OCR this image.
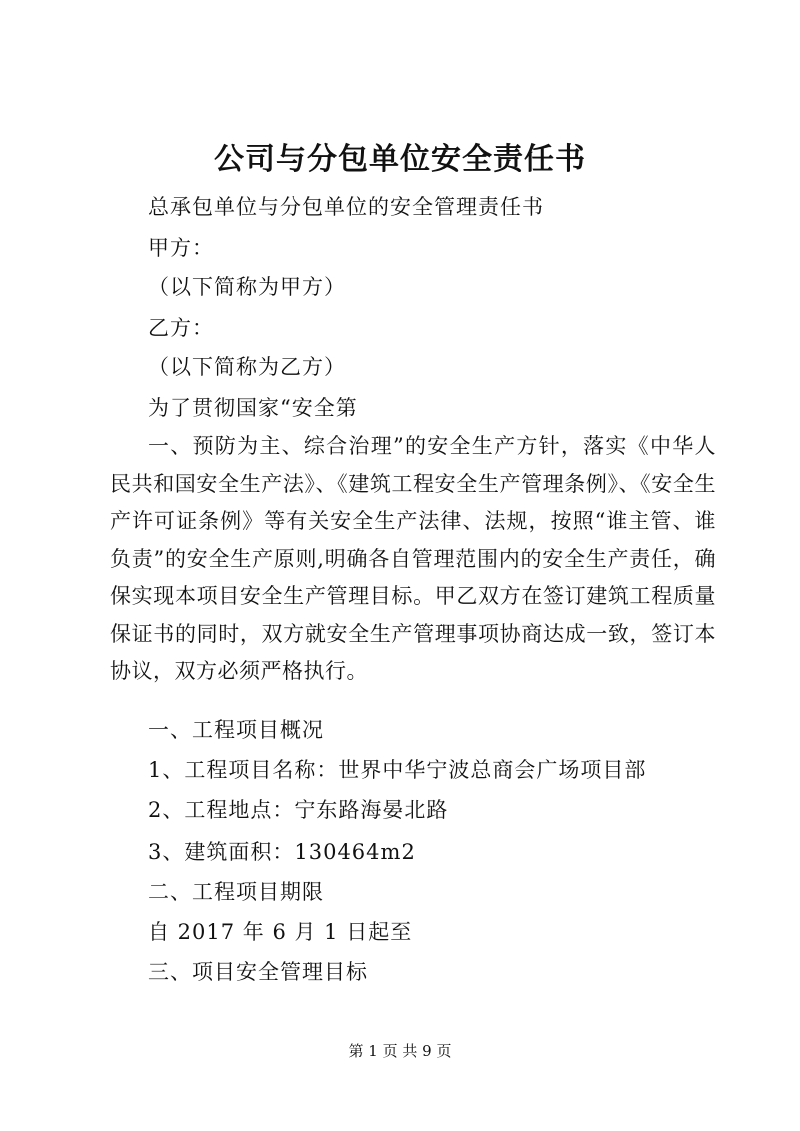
公司与分包单位安全责任书
总承包单位与分包单位的安全管理责任书
甲方：
（以下简称为甲方）
乙方：
（以下简称为乙方）
为了贯彻国家“安全第
一、预防为主、综合治理”的安全生产方针，落实《中华人民共和国安全生产法》、《建筑工程安全生产管理条例》、《安全生产许可证条例》等有关安全生产法律、法规，按照“谁主管、谁负责”的安全生产原则,明确各自管理范围内的安全生产责任，确保实现本项目安全生产管理目标。甲乙双方在签订建筑工程质量保证书的同时，双方就安全生产管理事项协商达成一致，签订本协议，双方必须严格执行。
一、工程项目概况
1、工程项目名称：世界中华宁波总商会广场项目部
2、工程地点：宁东路海晏北路
3、建筑面积：130464m2
二、工程项目期限
自 2017 年 6 月 1 日起至
三、项目安全管理目标
第 1 页 共 9 页
